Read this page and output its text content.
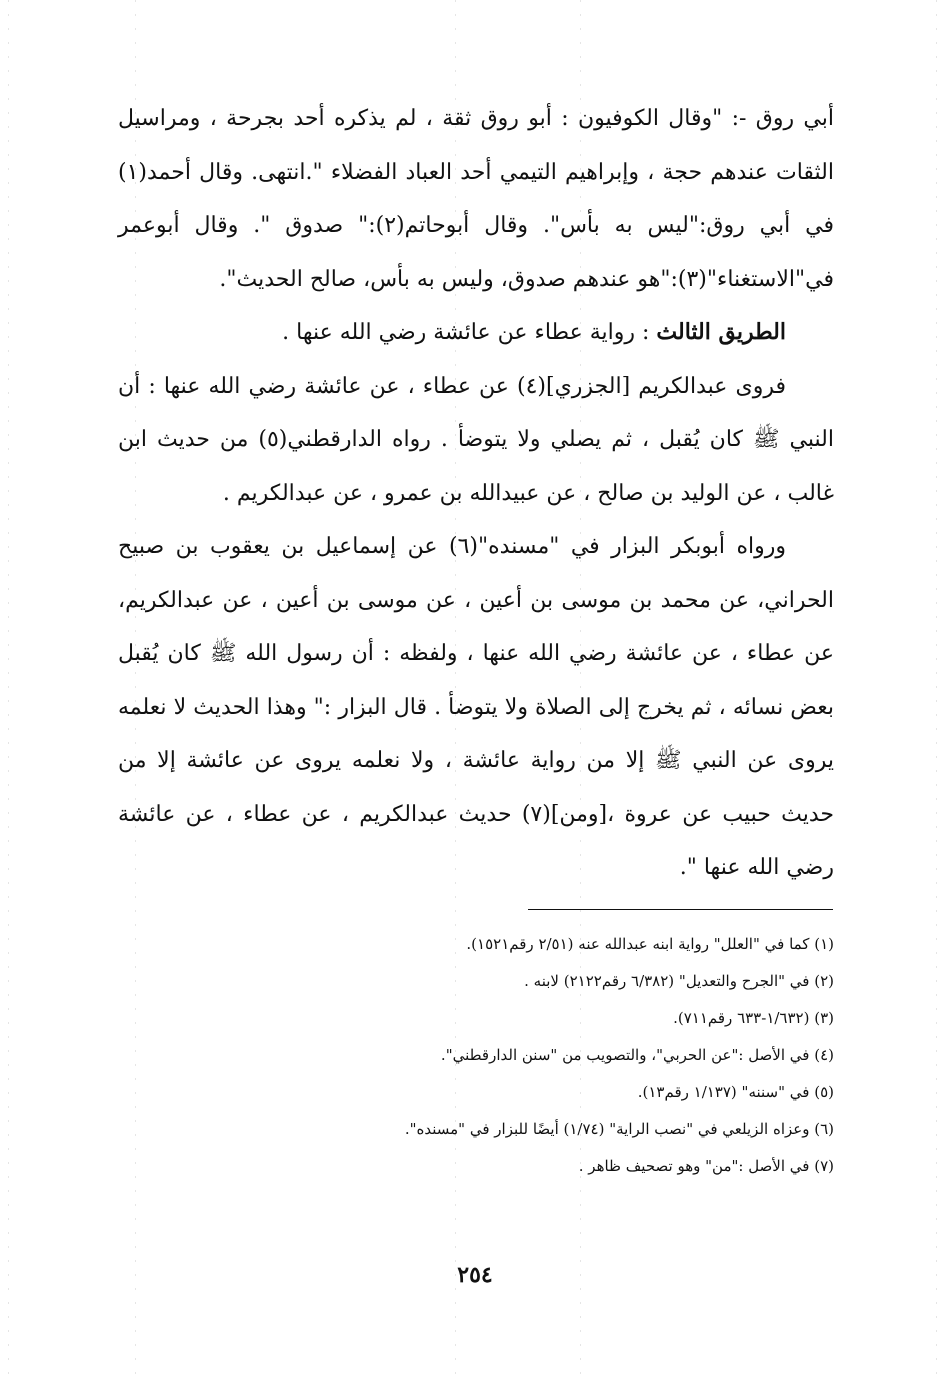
أبي روق -: "وقال الكوفيون : أبو روق ثقة ، لم يذكره أحد بجرحة ، ومراسيل الثقات عندهم حجة ، وإبراهيم التيمي أحد العباد الفضلاء ".انتهى. وقال أحمد(١) في أبي روق:"ليس به بأس". وقال أبوحاتم(٢):" صدوق ". وقال أبوعمر في"الاستغناء"(٣):"هو عندهم صدوق، وليس به بأس، صالح الحديث".

الطريق الثالث : رواية عطاء عن عائشة رضي الله عنها .

فروى عبدالكريم [الجزري](٤) عن عطاء ، عن عائشة رضي الله عنها : أن النبي ﷺ كان يُقبل ، ثم يصلي ولا يتوضأ . رواه الدارقطني(٥) من حديث ابن غالب ، عن الوليد بن صالح ، عن عبيدالله بن عمرو ، عن عبدالكريم .

ورواه أبوبكر البزار في "مسنده"(٦) عن إسماعيل بن يعقوب بن صبيح الحراني، عن محمد بن موسى بن أعين ، عن موسى بن أعين ، عن عبدالكريم، عن عطاء ، عن عائشة رضي الله عنها ، ولفظه : أن رسول الله ﷺ كان يُقبل بعض نسائه ، ثم يخرج إلى الصلاة ولا يتوضأ . قال البزار :" وهذا الحديث لا نعلمه يروى عن النبي ﷺ إلا من رواية عائشة ، ولا نعلمه يروى عن عائشة إلا من حديث حبيب عن عروة ،[ومن](٧) حديث عبدالكريم ، عن عطاء ، عن عائشة رضي الله عنها ".

(١) كما في "العلل" رواية ابنه عبدالله عنه (٢/٥١ رقم١٥٢١).

(٢) في "الجرح والتعديل" (٦/٣٨٢ رقم٢١٢٢) لابنه .

(٣) (١/٦٣٢-٦٣٣ رقم٧١١).

(٤) في الأصل :"عن الحربي"، والتصويب من "سنن الدارقطني".

(٥) في "سننه" (١/١٣٧ رقم١٣).

(٦) وعزاه الزيلعي في "نصب الراية" (١/٧٤) أيضًا للبزار في "مسنده".

(٧) في الأصل :"من" وهو تصحيف ظاهر .

٢٥٤
